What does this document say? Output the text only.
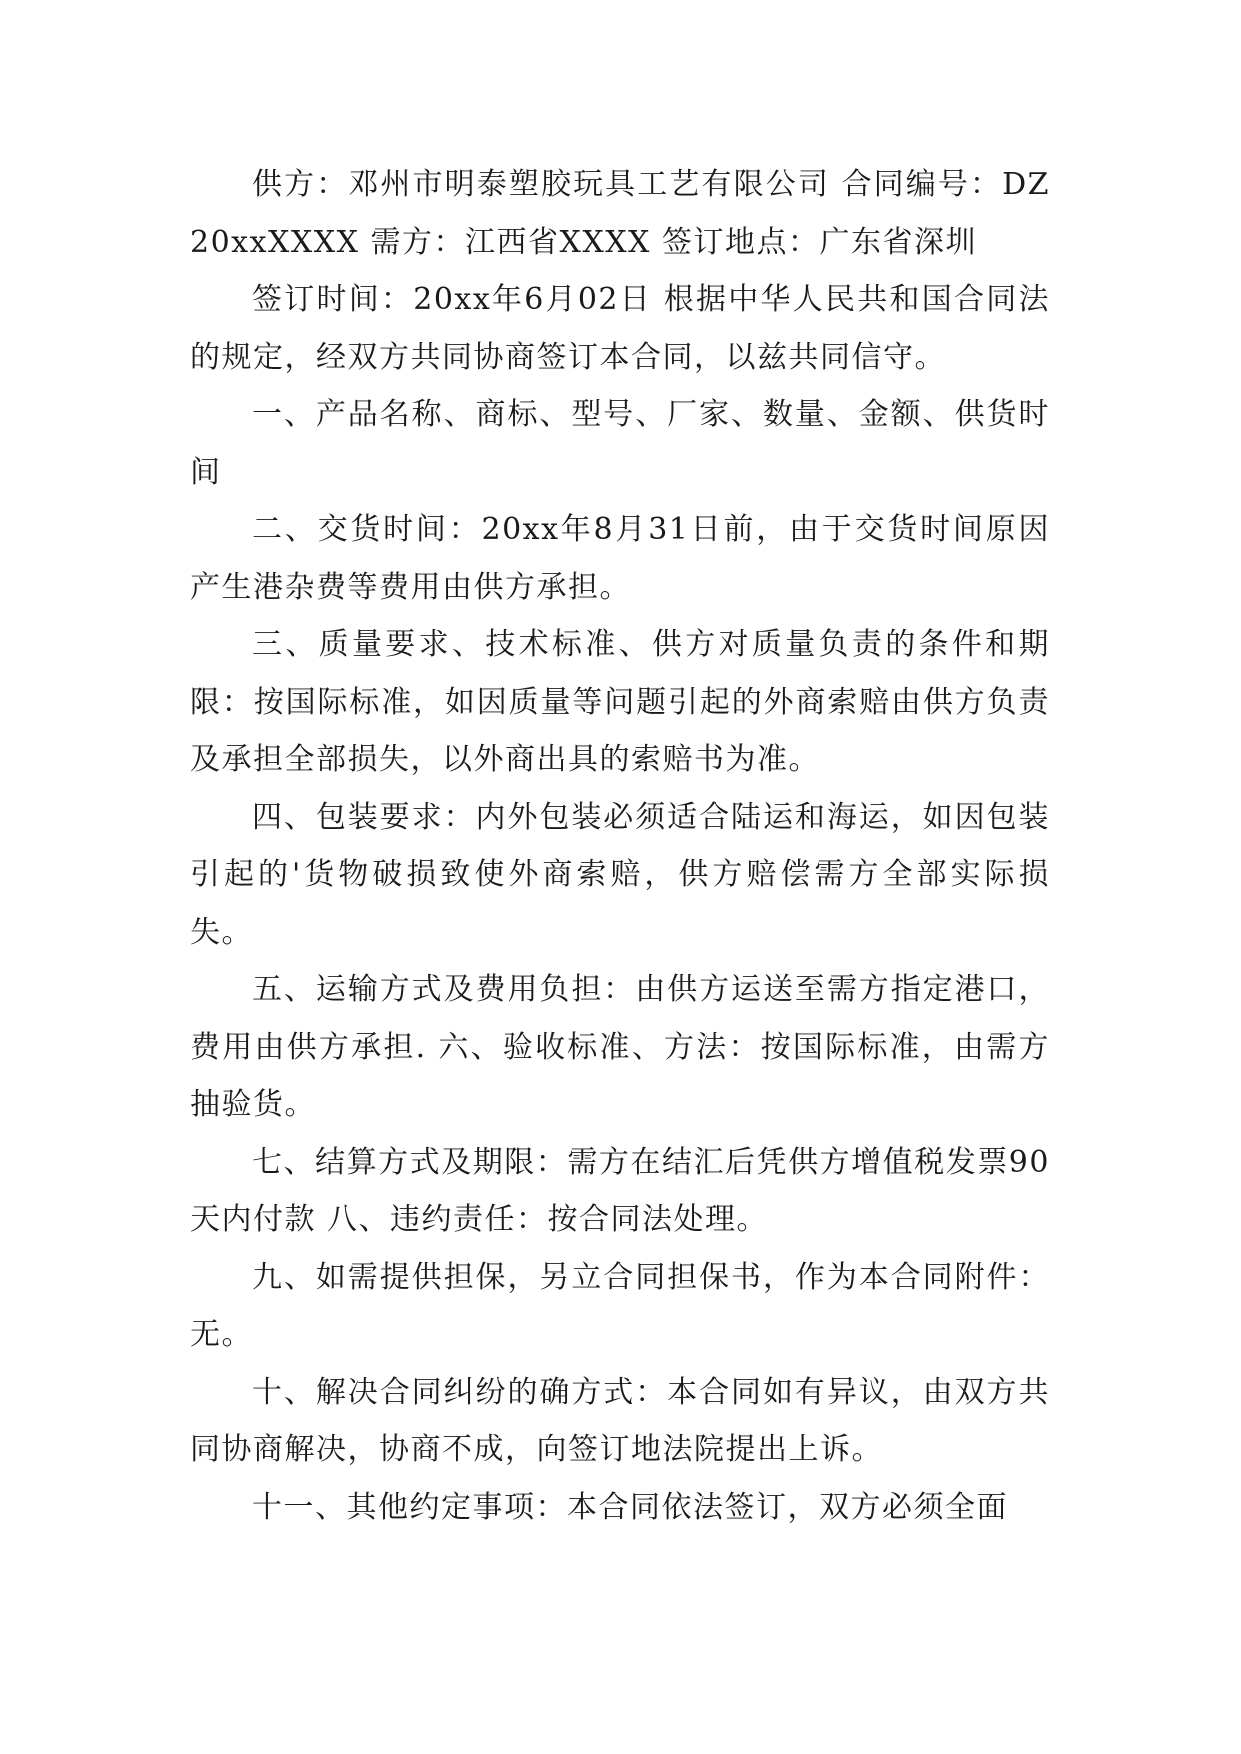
供方：邓州市明泰塑胶玩具工艺有限公司 合同编号：DZ20xxXXXX 需方：江西省XXXX 签订地点：广东省深圳

签订时间：20xx年6月02日 根据中华人民共和国合同法的规定，经双方共同协商签订本合同，以兹共同信守。

一、产品名称、商标、型号、厂家、数量、金额、供货时间

二、交货时间：20xx年8月31日前，由于交货时间原因产生港杂费等费用由供方承担。

三、质量要求、技术标准、供方对质量负责的条件和期限：按国际标准，如因质量等问题引起的外商索赔由供方负责及承担全部损失，以外商出具的索赔书为准。

四、包装要求：内外包装必须适合陆运和海运，如因包装引起的'货物破损致使外商索赔，供方赔偿需方全部实际损失。

五、运输方式及费用负担：由供方运送至需方指定港口，费用由供方承担. 六、验收标准、方法：按国际标准，由需方抽验货。

七、结算方式及期限：需方在结汇后凭供方增值税发票90天内付款 八、违约责任：按合同法处理。

九、如需提供担保，另立合同担保书，作为本合同附件：无。

十、解决合同纠纷的确方式：本合同如有异议，由双方共同协商解决，协商不成，向签订地法院提出上诉。

十一、其他约定事项：本合同依法签订，双方必须全面
